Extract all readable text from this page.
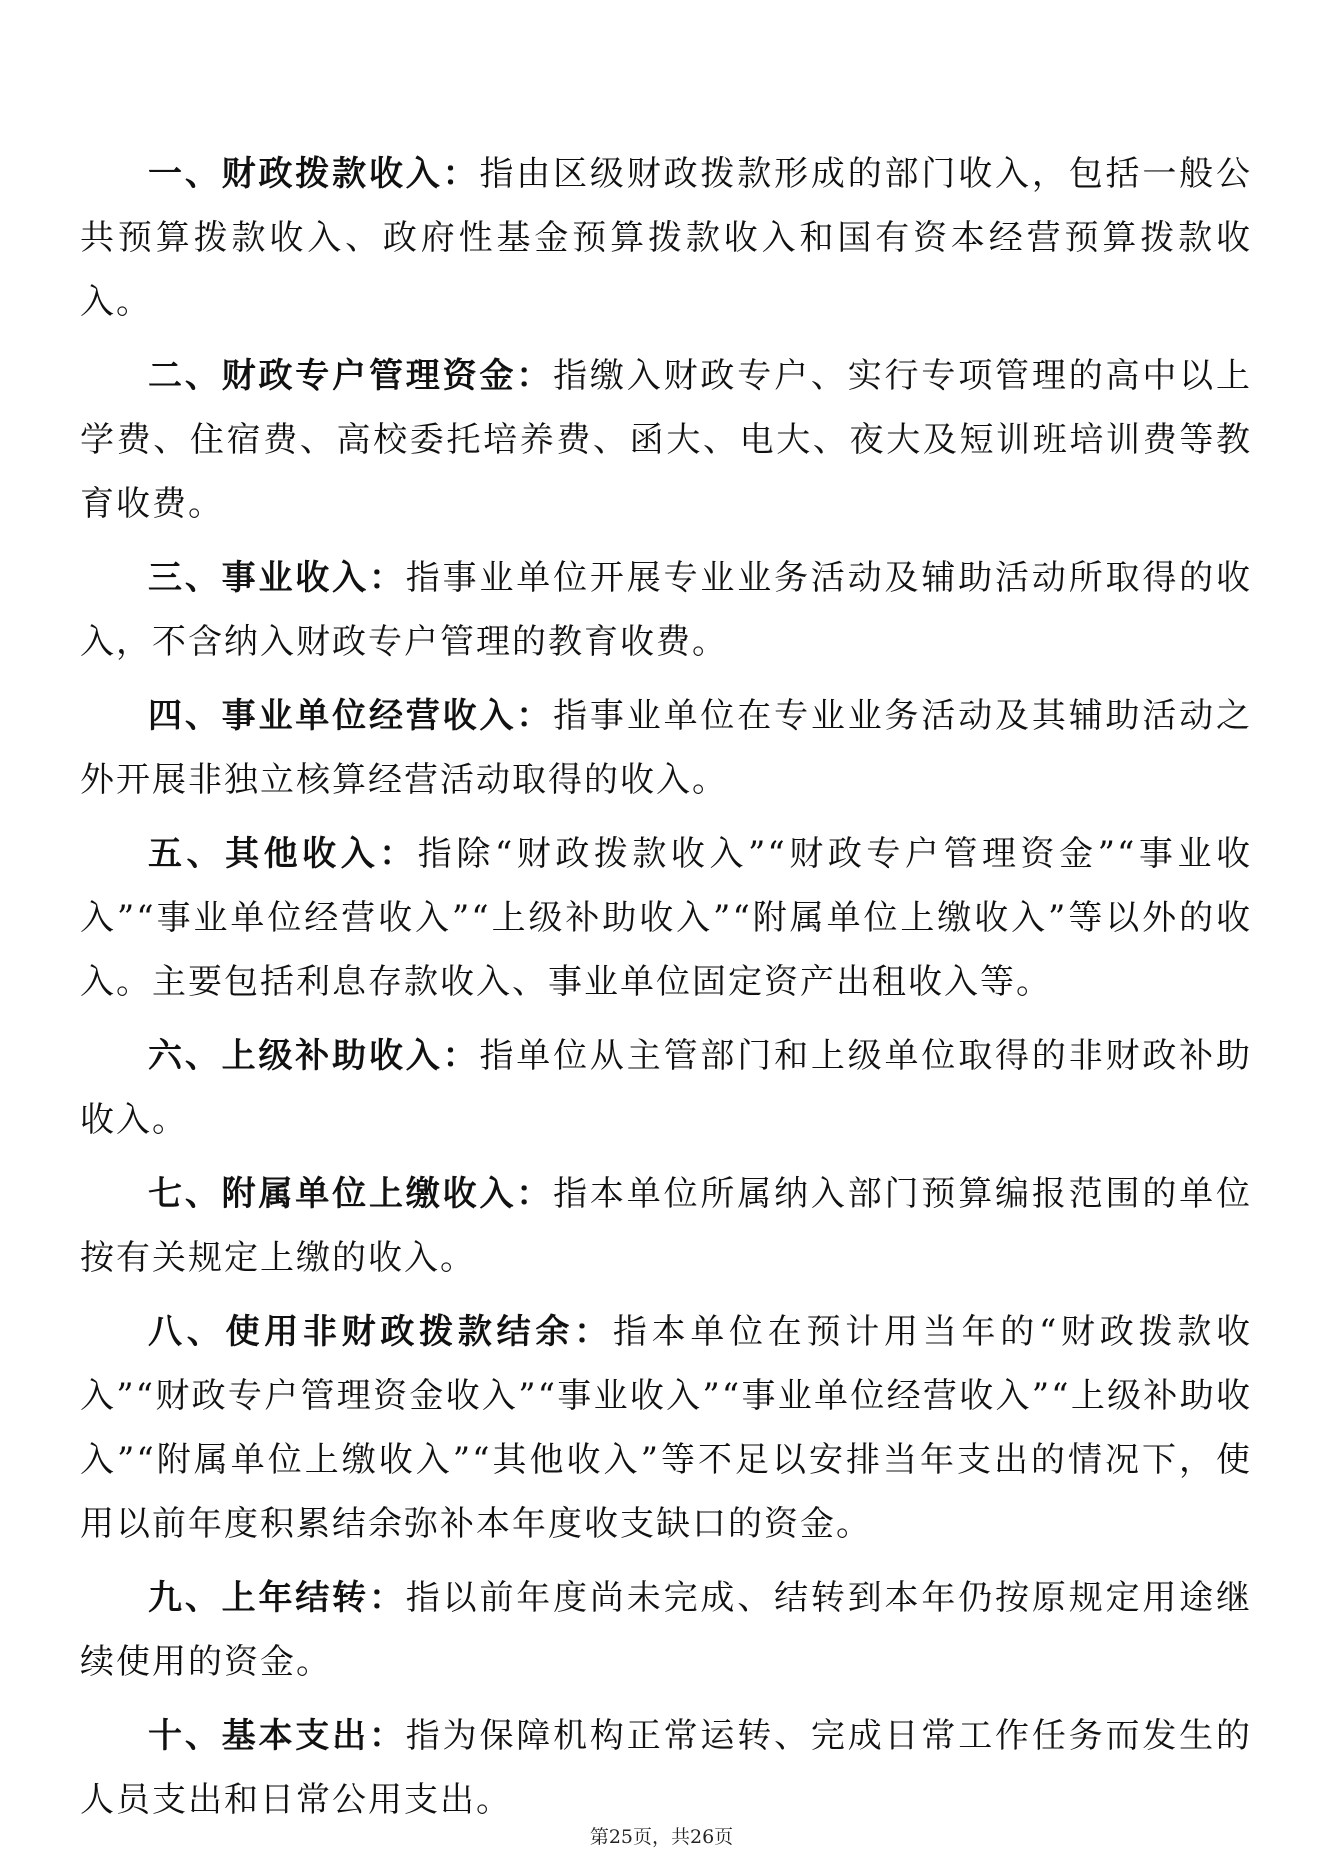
一、财政拨款收入：指由区级财政拨款形成的部门收入，包括一般公共预算拨款收入、政府性基金预算拨款收入和国有资本经营预算拨款收入。

二、财政专户管理资金：指缴入财政专户、实行专项管理的高中以上学费、住宿费、高校委托培养费、函大、电大、夜大及短训班培训费等教育收费。

三、事业收入：指事业单位开展专业业务活动及辅助活动所取得的收入，不含纳入财政专户管理的教育收费。

四、事业单位经营收入：指事业单位在专业业务活动及其辅助活动之外开展非独立核算经营活动取得的收入。

五、其他收入：指除“财政拨款收入”“财政专户管理资金”“事业收入”“事业单位经营收入”“上级补助收入”“附属单位上缴收入”等以外的收入。主要包括利息存款收入、事业单位固定资产出租收入等。

六、上级补助收入：指单位从主管部门和上级单位取得的非财政补助收入。

七、附属单位上缴收入：指本单位所属纳入部门预算编报范围的单位按有关规定上缴的收入。

八、使用非财政拨款结余：指本单位在预计用当年的“财政拨款收入”“财政专户管理资金收入”“事业收入”“事业单位经营收入”“上级补助收入”“附属单位上缴收入”“其他收入”等不足以安排当年支出的情况下，使用以前年度积累结余弥补本年度收支缺口的资金。

九、上年结转：指以前年度尚未完成、结转到本年仍按原规定用途继续使用的资金。

十、基本支出：指为保障机构正常运转、完成日常工作任务而发生的人员支出和日常公用支出。

第25页，共26页
